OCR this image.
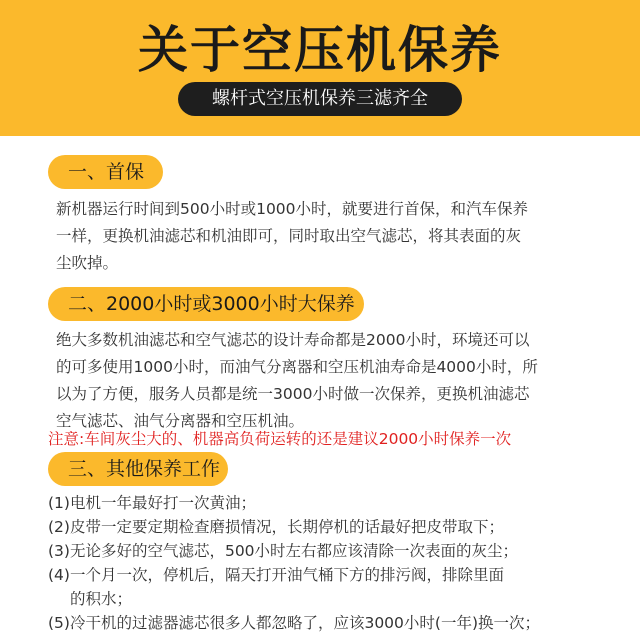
关于空压机保养
螺杆式空压机保养三滤齐全
一、首保
新机器运行时间到500小时或1000小时，就要进行首保，和汽车保养
一样，更换机油滤芯和机油即可，同时取出空气滤芯，将其表面的灰
尘吹掉。
二、2000小时或3000小时大保养
绝大多数机油滤芯和空气滤芯的设计寿命都是2000小时，环境还可以
的可多使用1000小时，而油气分离器和空压机油寿命是4000小时，所
以为了方便，服务人员都是统一3000小时做一次保养，更换机油滤芯
空气滤芯、油气分离器和空压机油。
注意:车间灰尘大的、机器高负荷运转的还是建议2000小时保养一次
三、其他保养工作
(1)电机一年最好打一次黄油；
(2)皮带一定要定期检查磨损情况，长期停机的话最好把皮带取下；
(3)无论多好的空气滤芯，500小时左右都应该清除一次表面的灰尘；
(4)一个月一次，停机后，隔天打开油气桶下方的排污阀，排除里面
的积水；
(5)冷干机的过滤器滤芯很多人都忽略了，应该3000小时(一年)换一次；
